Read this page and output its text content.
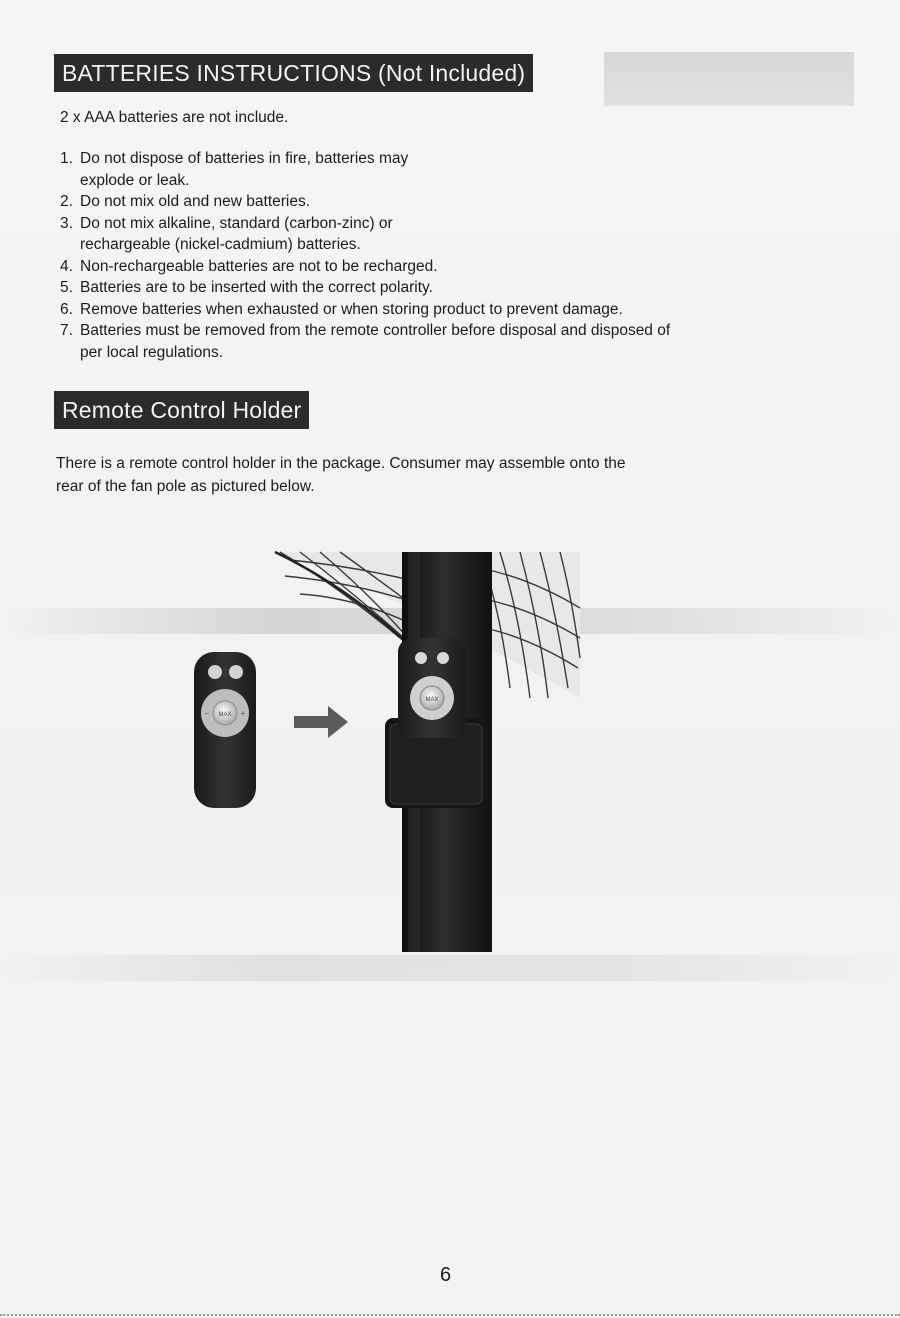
BATTERIES INSTRUCTIONS (Not Included)
2 x AAA batteries are not include.
1. Do not dispose of batteries in fire, batteries may
explode or leak.
2. Do not mix old and new batteries.
3. Do not mix alkaline, standard (carbon-zinc) or
rechargeable (nickel-cadmium) batteries.
4. Non-rechargeable batteries are not to be recharged.
5. Batteries are to be inserted with the correct polarity.
6. Remove batteries when exhausted or when storing product to prevent damage.
7. Batteries must be removed from the remote controller before disposal and disposed of
per local regulations.
Remote Control Holder
There is a remote control holder in the package. Consumer may assemble onto the
rear of the fan pole as pictured below.
MAX
MAX
−	+
6
